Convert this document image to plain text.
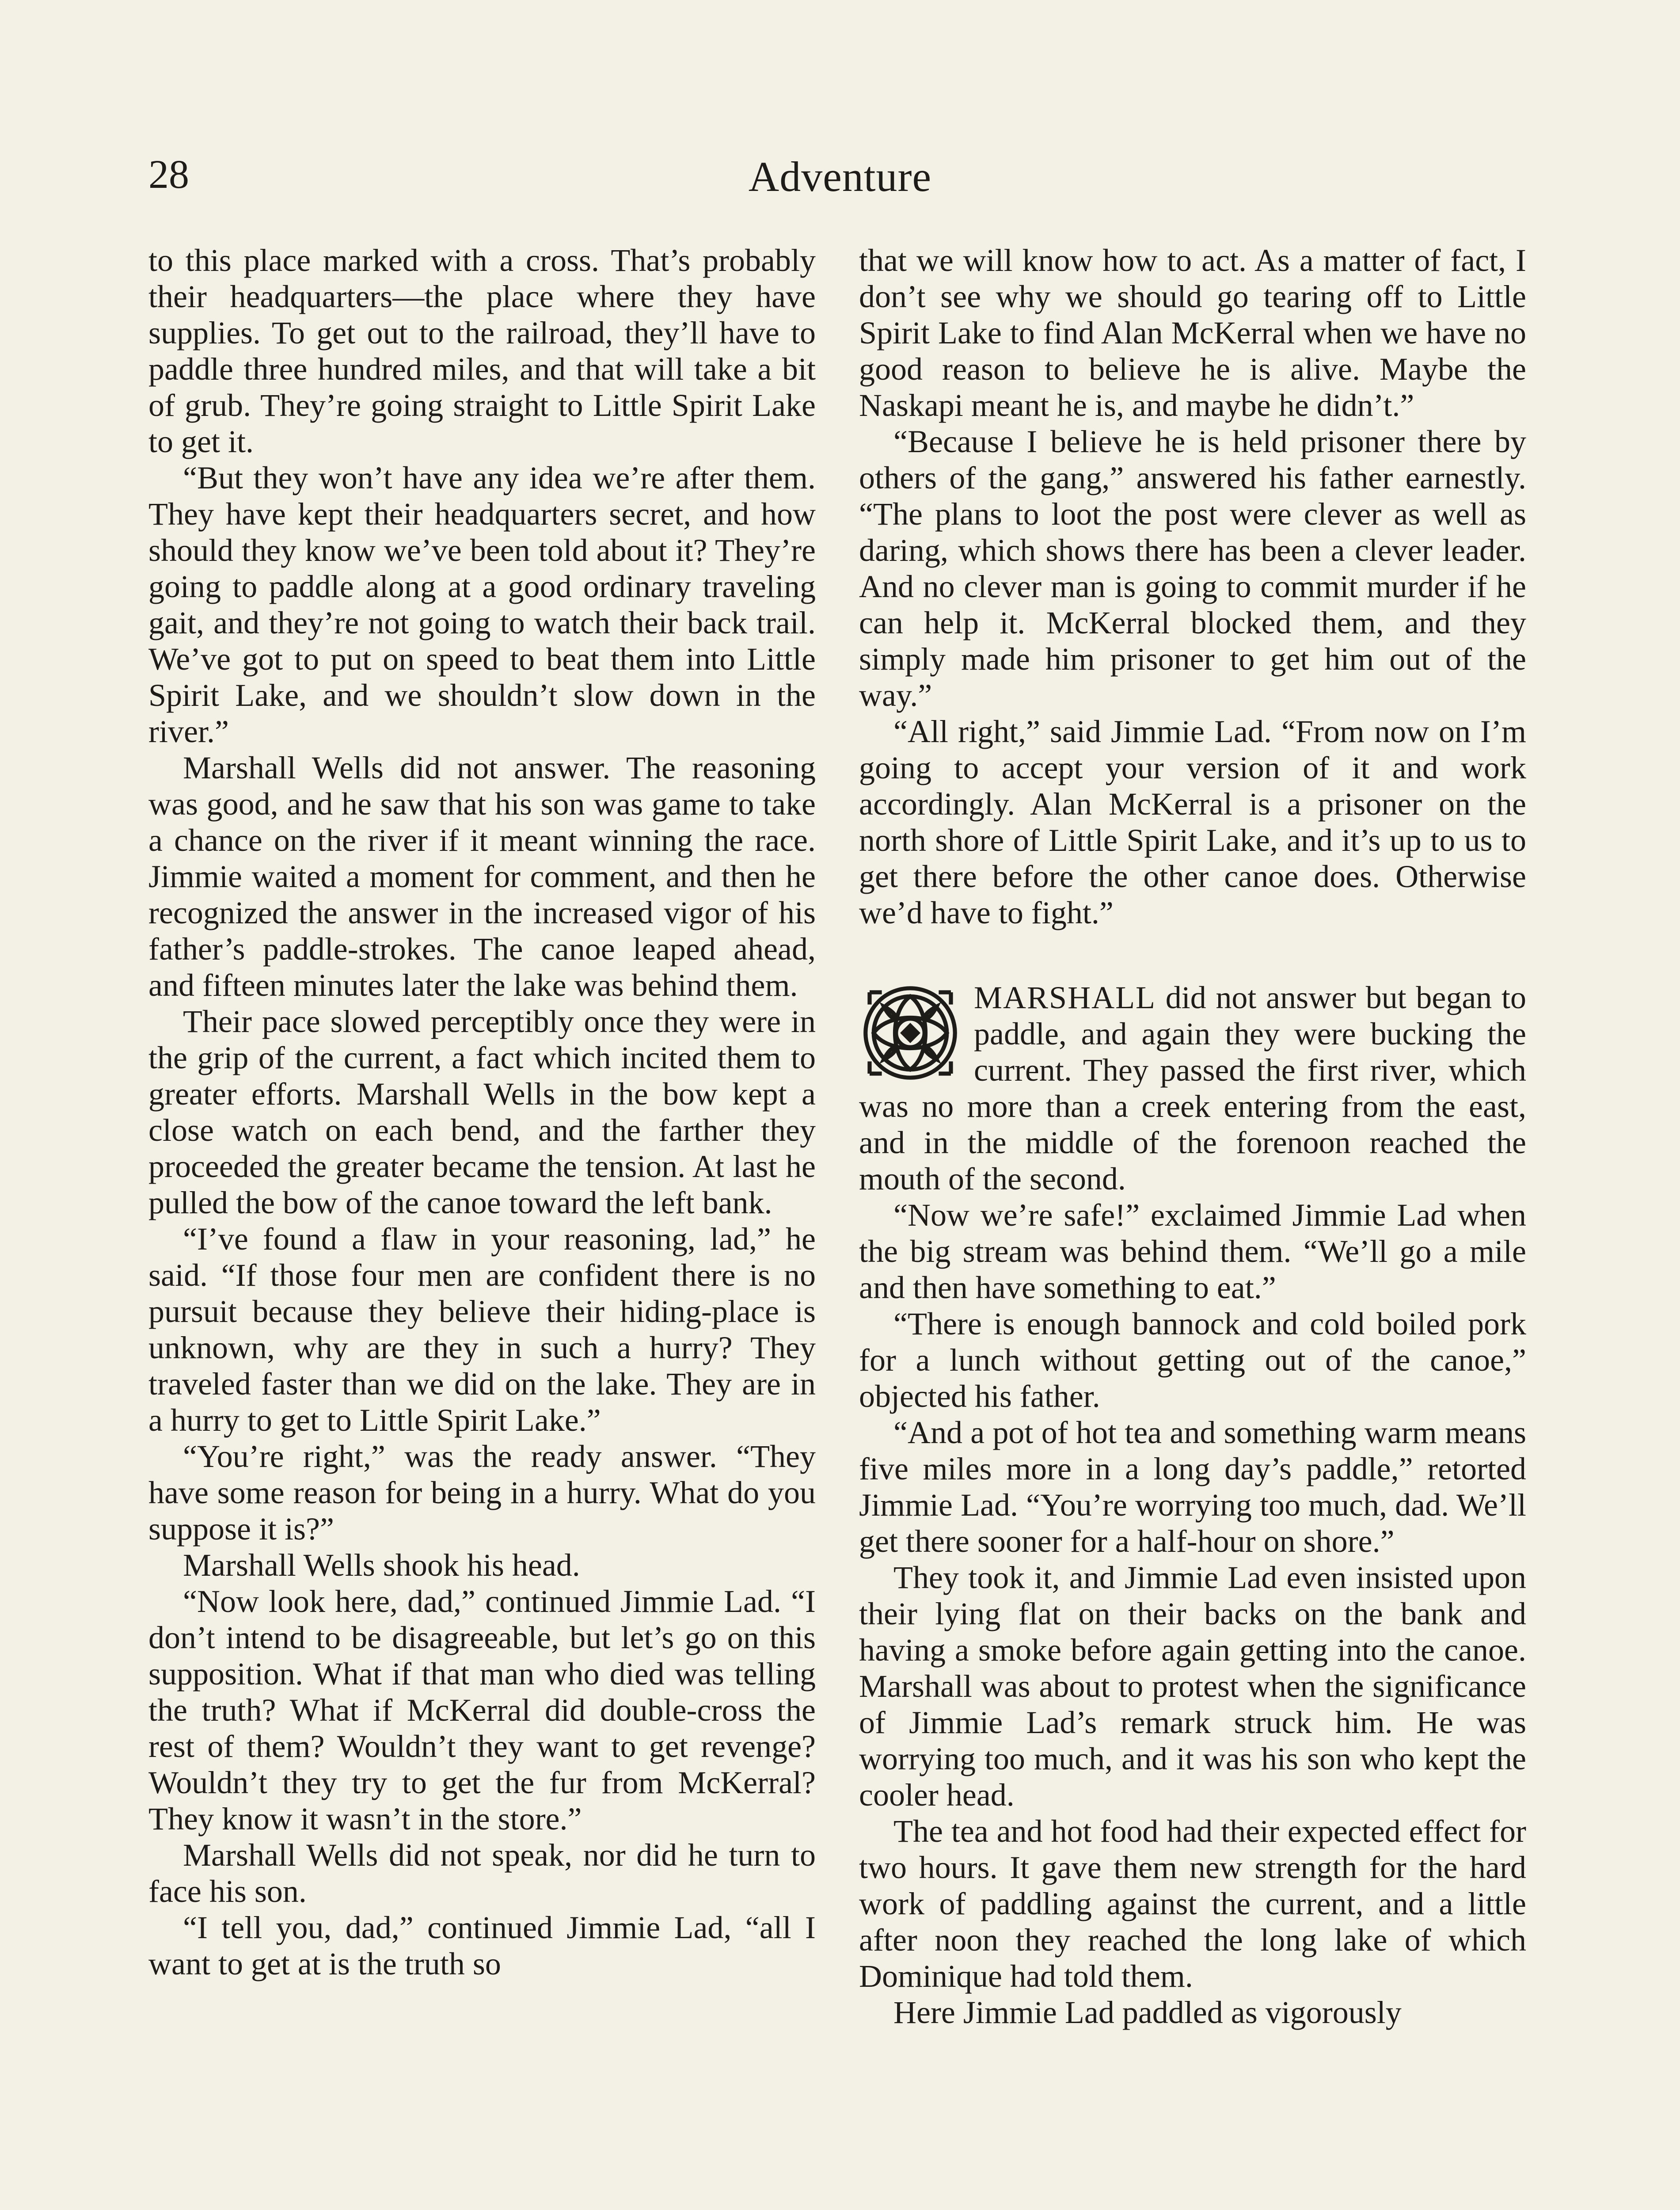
28	Adventure

to this place marked with a cross. That’s probably their headquarters—the place where they have supplies. To get out to the railroad, they’ll have to paddle three hundred miles, and that will take a bit of grub. They’re going straight to Little Spirit Lake to get it.

“But they won’t have any idea we’re after them. They have kept their headquarters secret, and how should they know we’ve been told about it? They’re going to paddle along at a good ordinary traveling gait, and they’re not going to watch their back trail. We’ve got to put on speed to beat them into Little Spirit Lake, and we shouldn’t slow down in the river.”

Marshall Wells did not answer. The reasoning was good, and he saw that his son was game to take a chance on the river if it meant winning the race. Jimmie waited a moment for comment, and then he recognized the answer in the increased vigor of his father’s paddle-strokes. The canoe leaped ahead, and fifteen minutes later the lake was behind them.

Their pace slowed perceptibly once they were in the grip of the current, a fact which incited them to greater efforts. Marshall Wells in the bow kept a close watch on each bend, and the farther they proceeded the greater became the tension. At last he pulled the bow of the canoe toward the left bank.

“I’ve found a flaw in your reasoning, lad,” he said. “If those four men are confident there is no pursuit because they believe their hiding-place is unknown, why are they in such a hurry? They traveled faster than we did on the lake. They are in a hurry to get to Little Spirit Lake.”

“You’re right,” was the ready answer. “They have some reason for being in a hurry. What do you suppose it is?”

Marshall Wells shook his head.

“Now look here, dad,” continued Jimmie Lad. “I don’t intend to be disagreeable, but let’s go on this supposition. What if that man who died was telling the truth? What if McKerral did double-cross the rest of them? Wouldn’t they want to get revenge? Wouldn’t they try to get the fur from McKerral? They know it wasn’t in the store.”

Marshall Wells did not speak, nor did he turn to face his son.

“I tell you, dad,” continued Jimmie Lad, “all I want to get at is the truth so

that we will know how to act. As a matter of fact, I don’t see why we should go tearing off to Little Spirit Lake to find Alan McKerral when we have no good reason to believe he is alive. Maybe the Naskapi meant he is, and maybe he didn’t.”

“Because I believe he is held prisoner there by others of the gang,” answered his father earnestly. “The plans to loot the post were clever as well as daring, which shows there has been a clever leader. And no clever man is going to commit murder if he can help it. McKerral blocked them, and they simply made him prisoner to get him out of the way.”

“All right,” said Jimmie Lad. “From now on I’m going to accept your version of it and work accordingly. Alan McKerral is a prisoner on the north shore of Little Spirit Lake, and it’s up to us to get there before the other canoe does. Otherwise we’d have to fight.”

MARSHALL did not answer but began to paddle, and again they were bucking the current. They passed the first river, which was no more than a creek entering from the east, and in the middle of the forenoon reached the mouth of the second.

“Now we’re safe!” exclaimed Jimmie Lad when the big stream was behind them. “We’ll go a mile and then have something to eat.”

“There is enough bannock and cold boiled pork for a lunch without getting out of the canoe,” objected his father.

“And a pot of hot tea and something warm means five miles more in a long day’s paddle,” retorted Jimmie Lad. “You’re worrying too much, dad. We’ll get there sooner for a half-hour on shore.”

They took it, and Jimmie Lad even insisted upon their lying flat on their backs on the bank and having a smoke before again getting into the canoe. Marshall was about to protest when the significance of Jimmie Lad’s remark struck him. He was worrying too much, and it was his son who kept the cooler head.

The tea and hot food had their expected effect for two hours. It gave them new strength for the hard work of paddling against the current, and a little after noon they reached the long lake of which Dominique had told them.

Here Jimmie Lad paddled as vigorously
